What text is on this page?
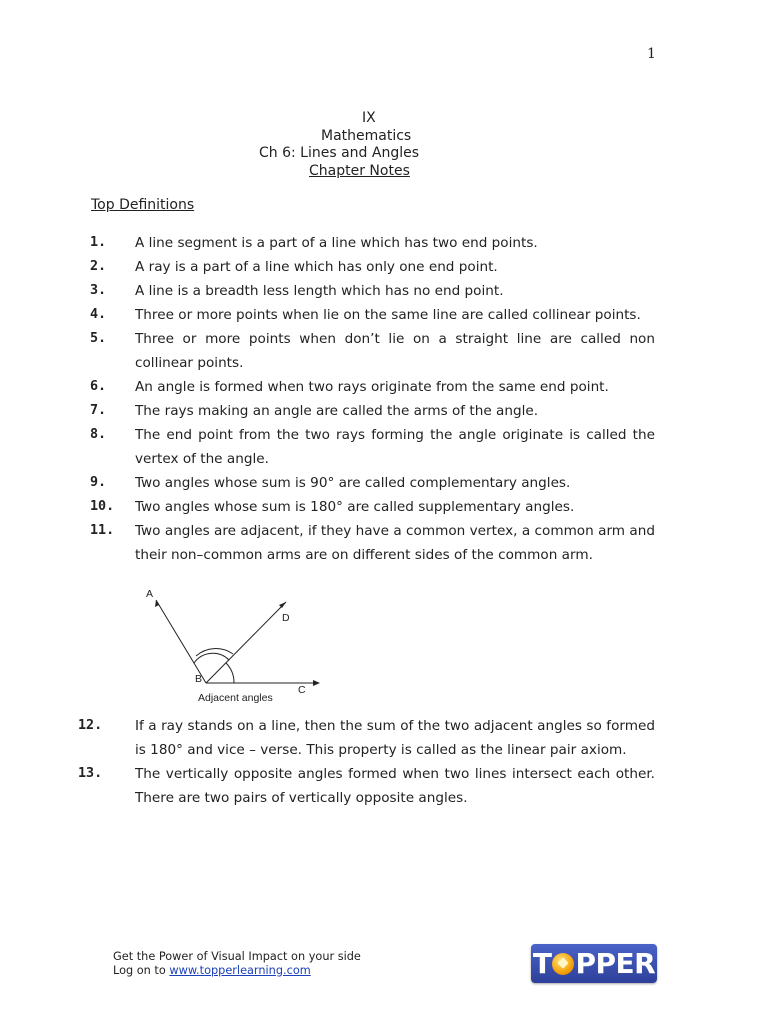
1
IX
Mathematics
Ch 6: Lines and Angles
Chapter Notes
Top Definitions
1.	A line segment is a part of a line which has two end points.
2.	A ray is a part of a line which has only one end point.
3.	A line is a breadth less length which has no end point.
4.	Three or more points when lie on the same line are called collinear points.
5.	Three or more points when don’t lie on a straight line are called non collinear points.
6.	An angle is formed when two rays originate from the same end point.
7.	The rays making an angle are called the arms of the angle.
8.	The end point from the two rays forming the angle originate is called the vertex of the angle.
9.	Two angles whose sum is 90° are called complementary angles.
10.	Two angles whose sum is 180° are called supplementary angles.
11.	Two angles are adjacent, if they have a common vertex, a common arm and their non–common arms are on different sides of the common arm.
A
B
C
D
Adjacent angles
12.	If a ray stands on a line, then the sum of the two adjacent angles so formed is 180° and vice – verse. This property is called as the linear pair axiom.
13.	The vertically opposite angles formed when two lines intersect each other. There are two pairs of vertically opposite angles.
Get the Power of Visual Impact on your side
Log on to www.topperlearning.com	T PPER
